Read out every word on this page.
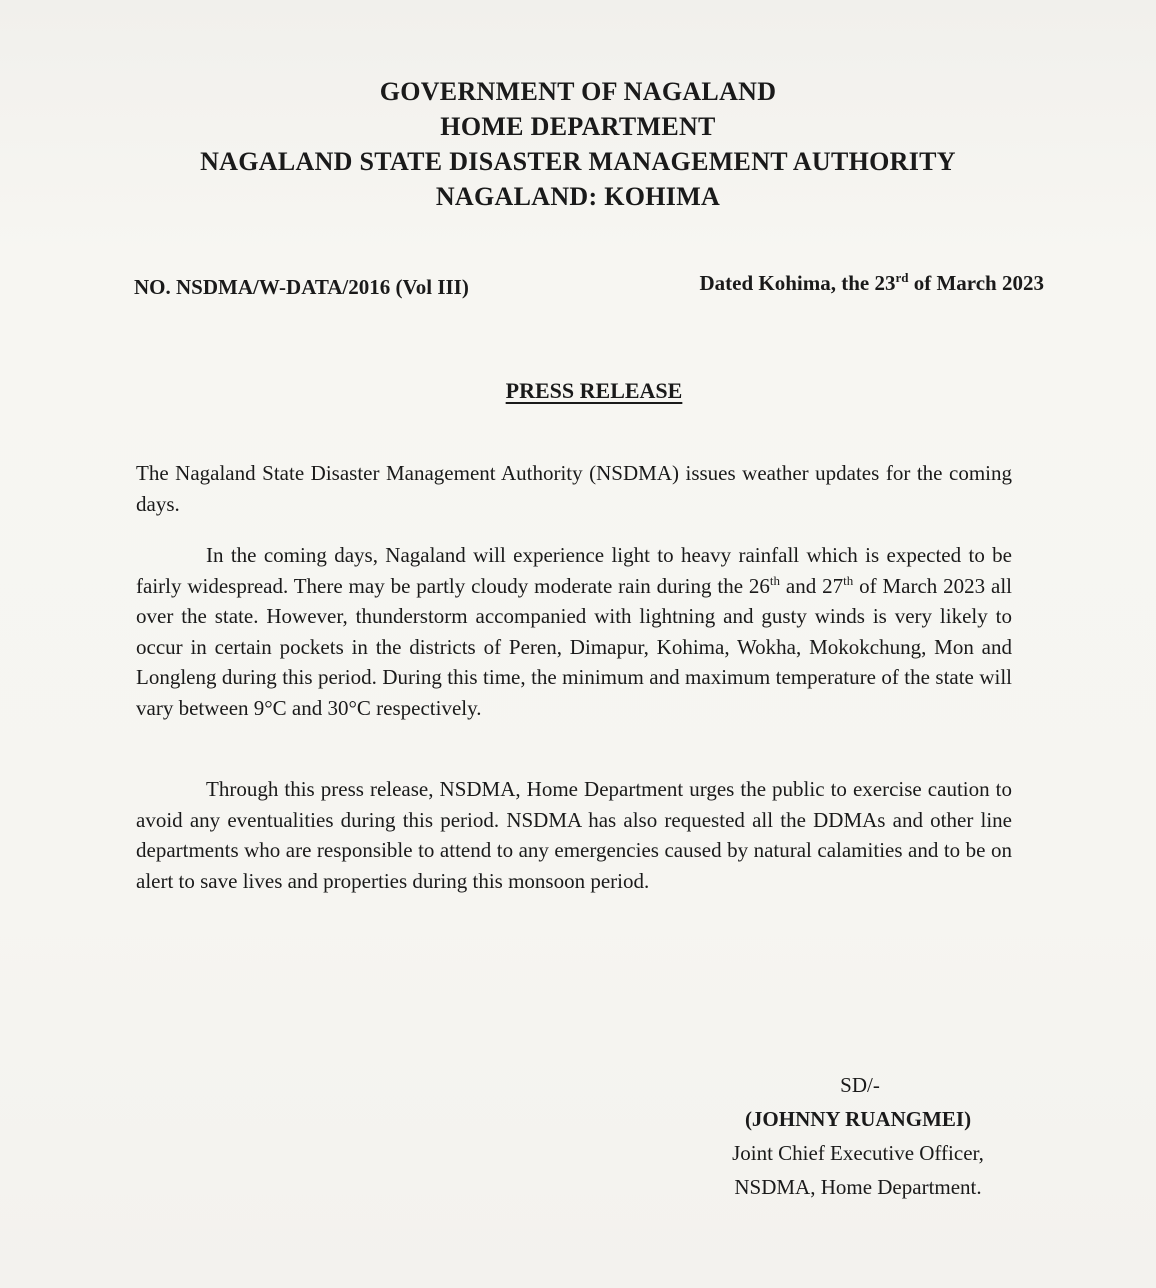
GOVERNMENT OF NAGALAND
HOME DEPARTMENT
NAGALAND STATE DISASTER MANAGEMENT AUTHORITY
NAGALAND: KOHIMA
NO. NSDMA/W-DATA/2016 (Vol III)	Dated Kohima, the 23rd of March 2023
PRESS RELEASE

The Nagaland State Disaster Management Authority (NSDMA) issues weather updates for the coming days.

In the coming days, Nagaland will experience light to heavy rainfall which is expected to be fairly widespread. There may be partly cloudy moderate rain during the 26th and 27th of March 2023 all over the state. However, thunderstorm accompanied with lightning and gusty winds is very likely to occur in certain pockets in the districts of Peren, Dimapur, Kohima, Wokha, Mokokchung, Mon and Longleng during this period. During this time, the minimum and maximum temperature of the state will vary between 9°C and 30°C respectively.

Through this press release, NSDMA, Home Department urges the public to exercise caution to avoid any eventualities during this period. NSDMA has also requested all the DDMAs and other line departments who are responsible to attend to any emergencies caused by natural calamities and to be on alert to save lives and properties during this monsoon period.

SD/-
(JOHNNY RUANGMEI)
Joint Chief Executive Officer,
NSDMA, Home Department.
